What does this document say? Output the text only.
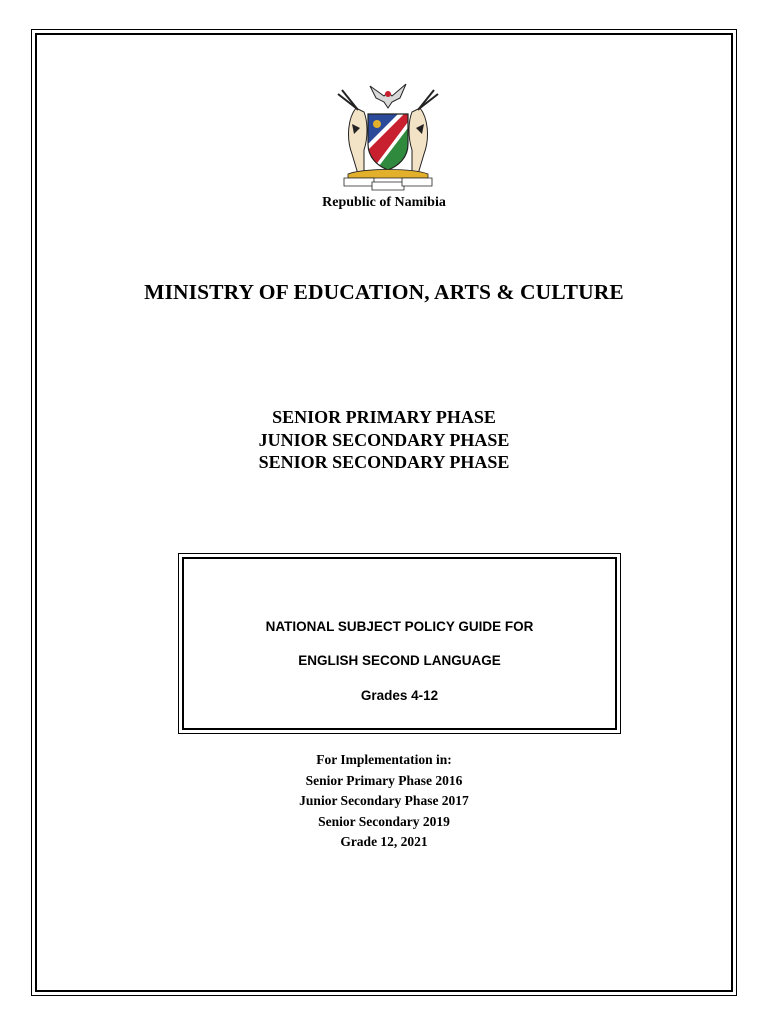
Republic of Namibia
MINISTRY OF EDUCATION, ARTS & CULTURE
SENIOR PRIMARY PHASE
JUNIOR SECONDARY PHASE
SENIOR SECONDARY PHASE
NATIONAL SUBJECT POLICY GUIDE FOR
ENGLISH SECOND LANGUAGE
Grades 4-12
For Implementation in:
Senior Primary Phase 2016
Junior Secondary Phase 2017
Senior Secondary 2019
Grade 12, 2021
